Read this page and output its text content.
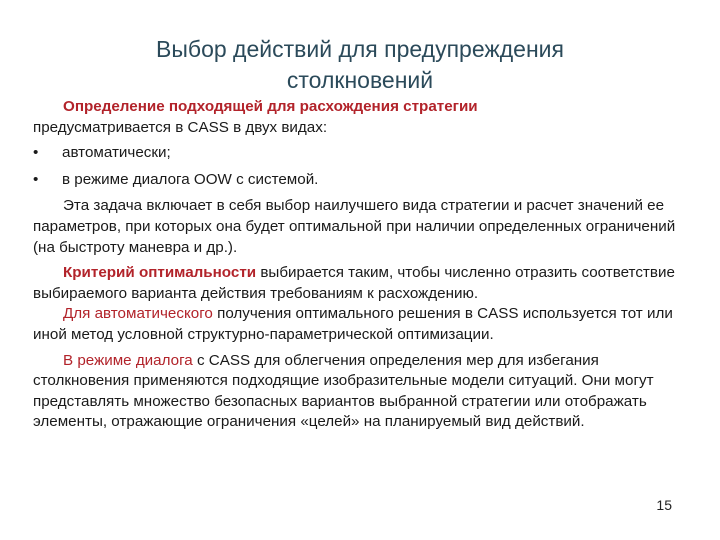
Выбор действий для предупреждения
столкновений

Определение подходящей для расхождения стратегии
предусматривается в CASS в двух видах:

•	автоматически;
•	в режиме диалога OOW с системой.

Эта задача включает в себя выбор наилучшего вида стратегии и расчет значений ее параметров, при которых она будет оптимальной при наличии определенных ограничений (на быстроту маневра и др.).

Критерий оптимальности выбирается таким, чтобы численно отразить соответствие выбираемого варианта действия требованиям к расхождению.

Для автоматического получения оптимального решения в CASS используется тот или иной метод условной структурно-параметрической оптимизации.

В режиме диалога с CASS для облегчения определения мер для избегания столкновения применяются подходящие изобразительные модели ситуаций. Они могут представлять множество безопасных вариантов выбранной стратегии или отображать элементы, отражающие ограничения «целей» на планируемый вид действий.

15
